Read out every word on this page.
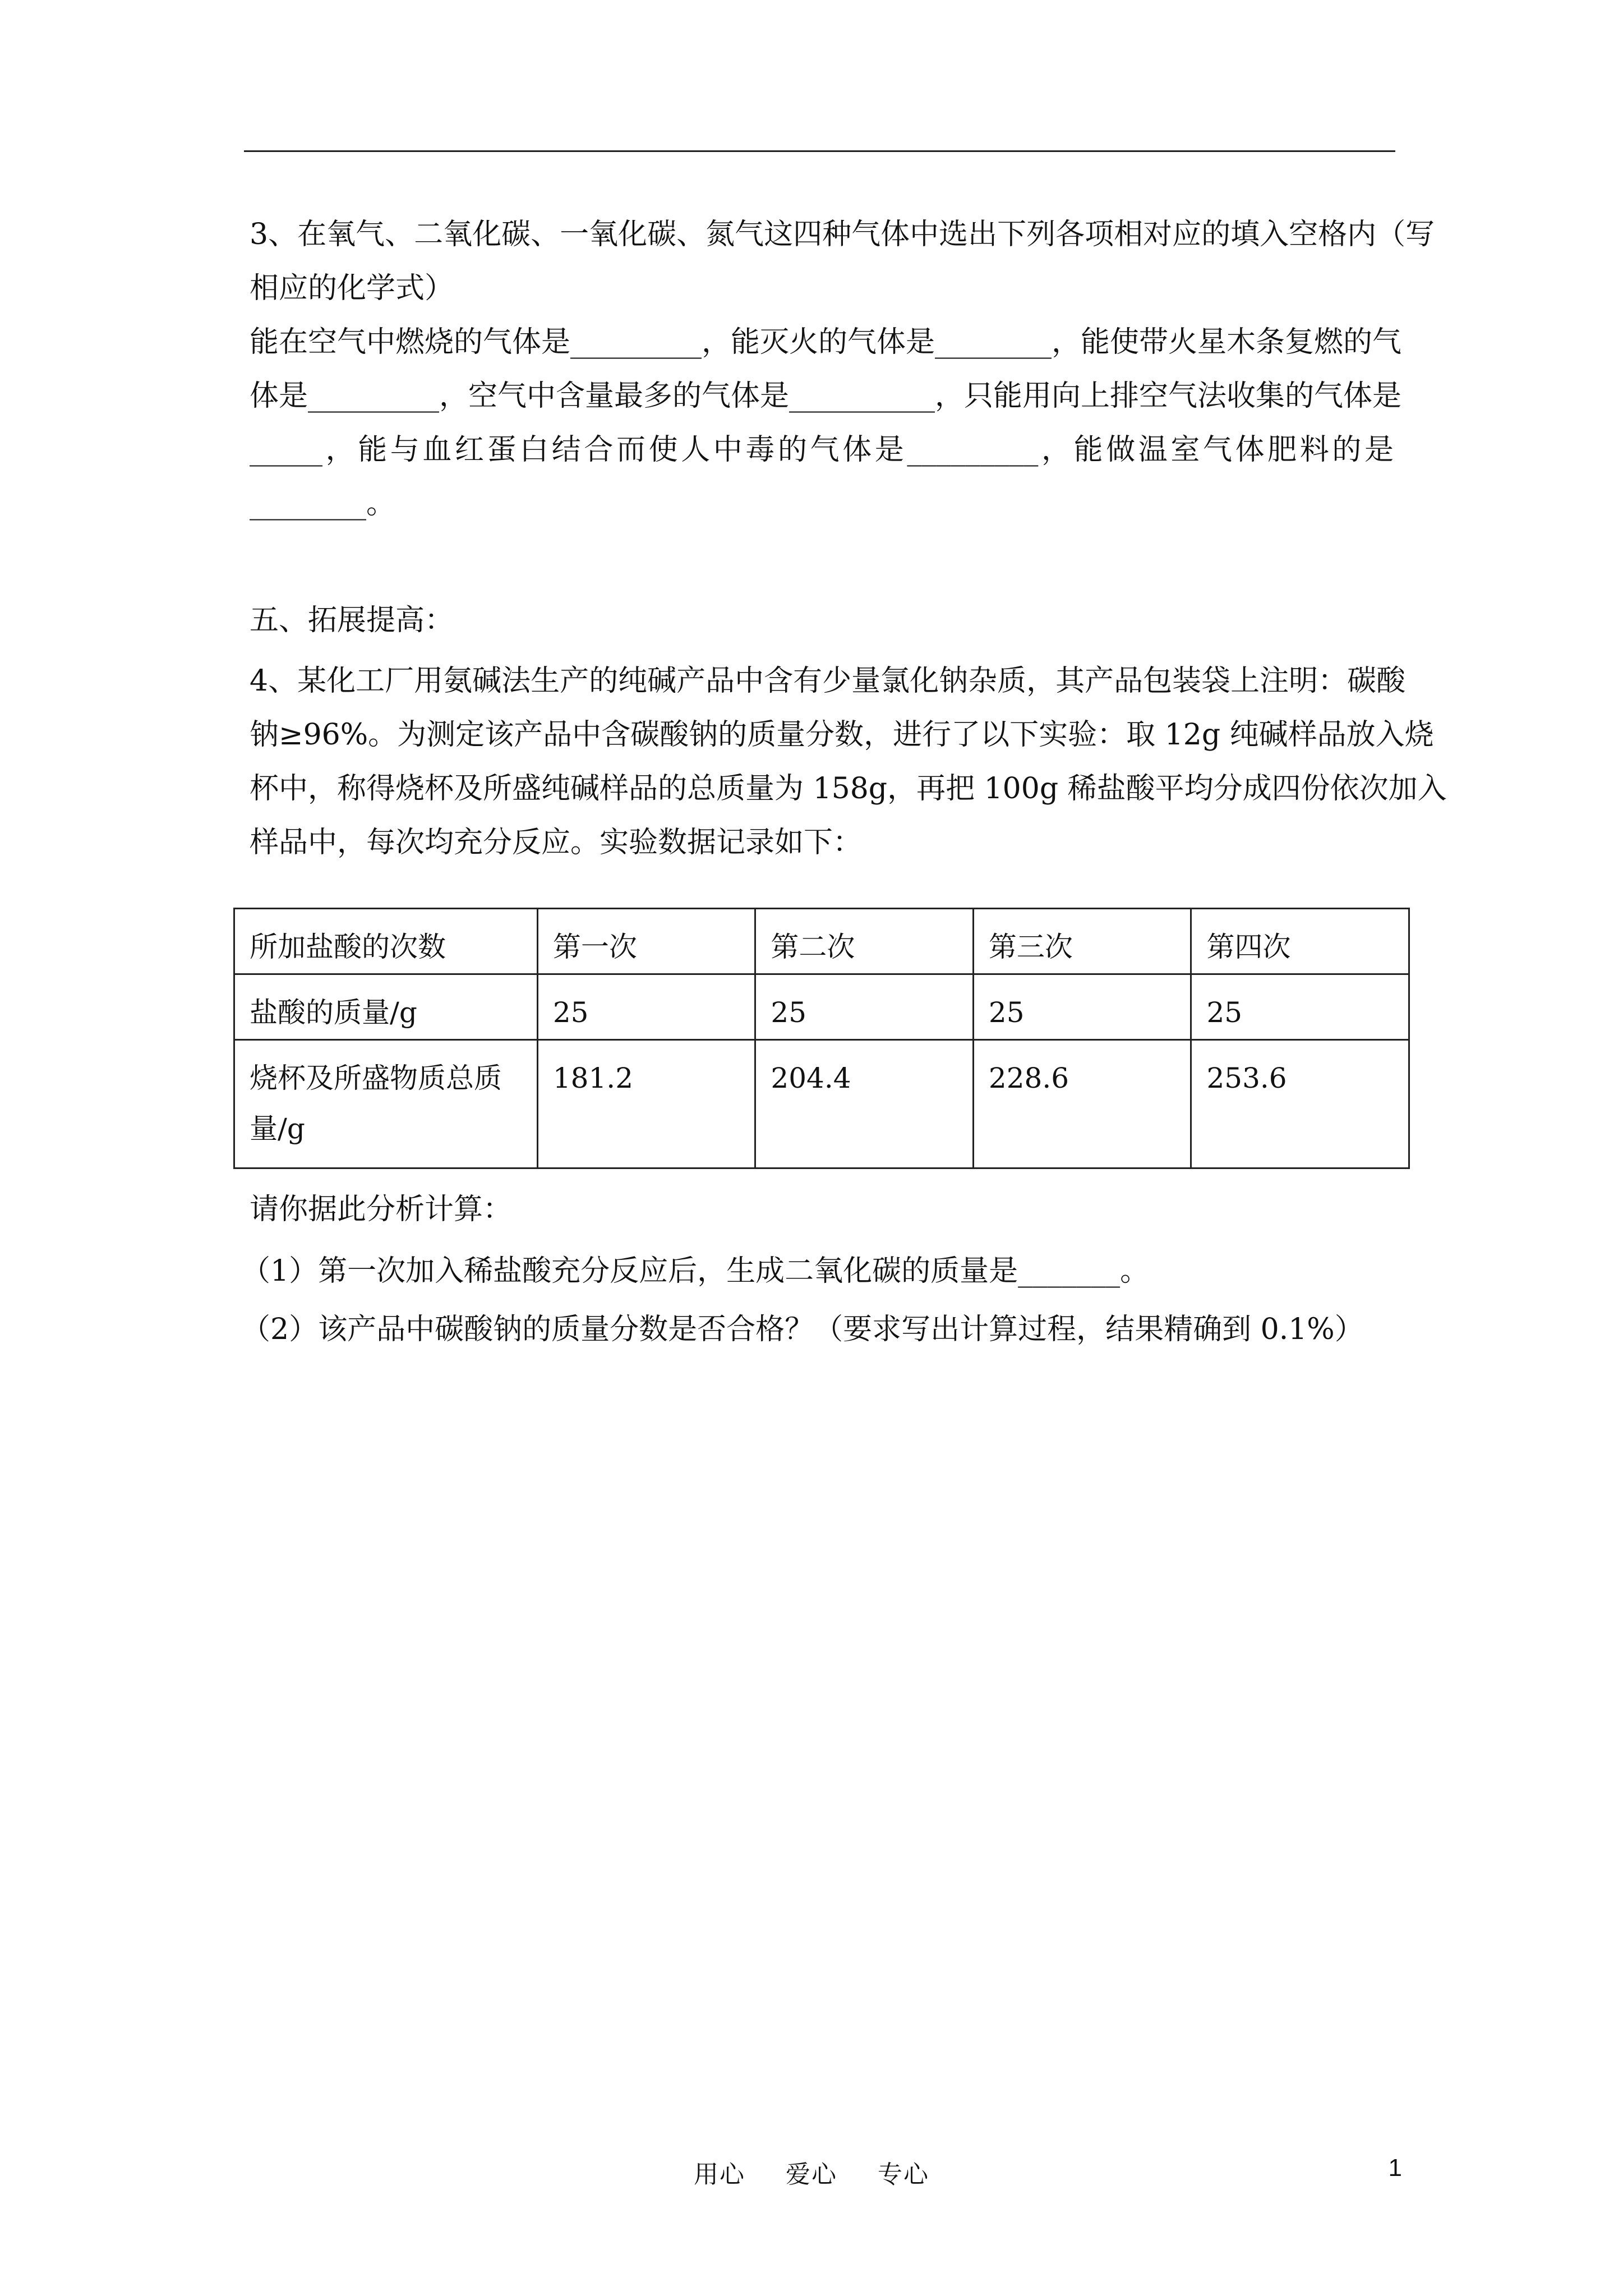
3、在氧气、二氧化碳、一氧化碳、氮气这四种气体中选出下列各项相对应的填入空格内（写
相应的化学式）
能在空气中燃烧的气体是_________，能灭火的气体是________，能使带火星木条复燃的气
体是_________，空气中含量最多的气体是__________，只能用向上排空气法收集的气体是
_____，能与血红蛋白结合而使人中毒的气体是_________，能做温室气体肥料的是
________。
五、拓展提高：
4、某化工厂用氨碱法生产的纯碱产品中含有少量氯化钠杂质，其产品包装袋上注明：碳酸
钠≥96%。为测定该产品中含碳酸钠的质量分数，进行了以下实验：取 12g 纯碱样品放入烧
杯中，称得烧杯及所盛纯碱样品的总质量为 158g，再把 100g 稀盐酸平均分成四份依次加入
样品中，每次均充分反应。实验数据记录如下：
所加盐酸的次数	第一次	第二次	第三次	第四次
盐酸的质量/g	25	25	25	25
烧杯及所盛物质总质量/g	181.2	204.4	228.6	253.6
请你据此分析计算：
（1）第一次加入稀盐酸充分反应后，生成二氧化碳的质量是_______。
（2）该产品中碳酸钠的质量分数是否合格？（要求写出计算过程，结果精确到 0.1%）
用心 爱心 专心	1
